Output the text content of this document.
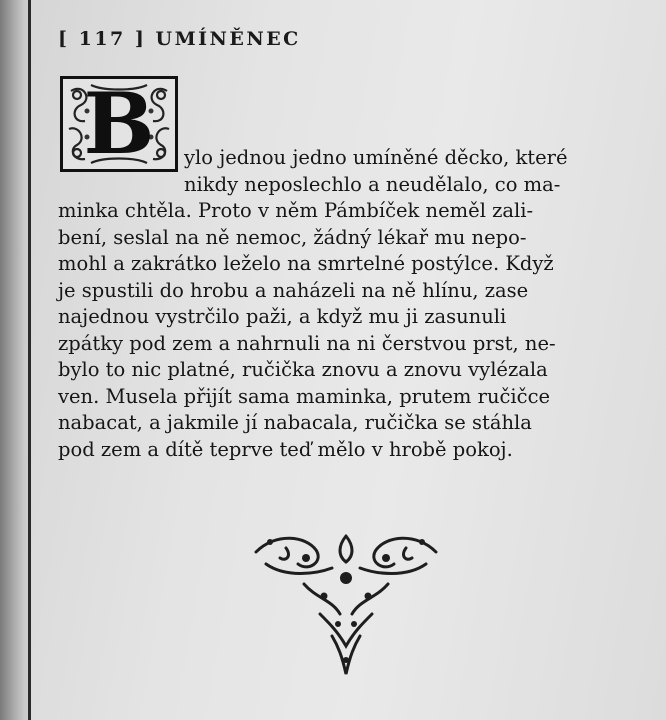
[ 117 ] UMÍNĚNEC
B	ylo jednou jedno umíněné děcko, které
nikdy neposlechlo a neudělalo, co ma-
minka chtěla. Proto v něm Pámbíček neměl zali-
bení, seslal na ně nemoc, žádný lékař mu nepo-
mohl a zakrátko leželo na smrtelné postýlce. Když
je spustili do hrobu a naházeli na ně hlínu, zase
najednou vystrčilo paži, a když mu ji zasunuli
zpátky pod zem a nahrnuli na ni čerstvou prst, ne-
bylo to nic platné, ručička znovu a znovu vylézala
ven. Musela přijít sama maminka, prutem ručičce
nabacat, a jakmile jí nabacala, ručička se stáhla
pod zem a dítě teprve teď mělo v hrobě pokoj.
